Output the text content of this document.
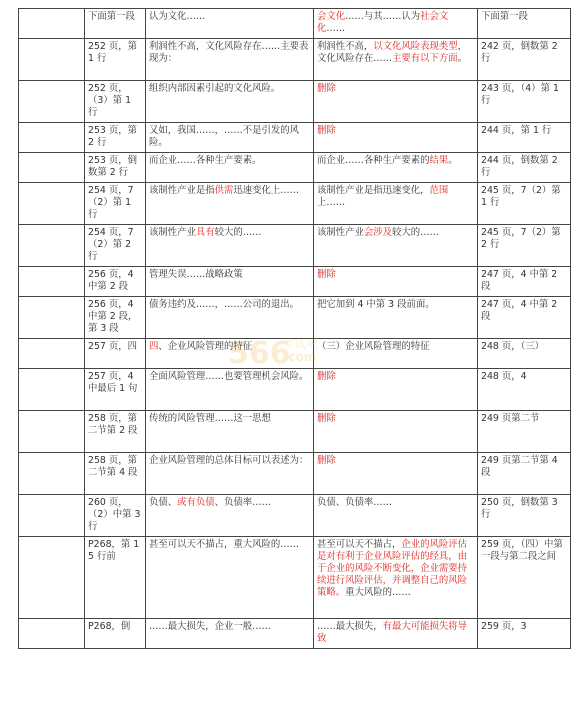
	下面第一段	认为文化……	会文化……与其……认为社会文化……	下面第一段
	252 页，第 1 行	利润性不高，文化风险存在……主要表现为：	利润性不高，以文化风险表现类型，文化风险存在……主要有以下方面。	242 页，倒数第 2 行
	252 页，（3）第 1 行	组织内部因素引起的文化风险。	删除	243 页，（4）第 1 行
	253 页，第 2 行	又如，我国……，……不是引发的风险。	删除	244 页，第 1 行
	253 页，倒数第 2 行	而企业……各种生产要素。	而企业……各种生产要素的结果。	244 页，倒数第 2 行
	254 页，7（2）第 1 行	该制性产业是指供需迅速变化上……	该制性产业是指迅速变化，范围上……	245 页，7（2）第 1 行
	254 页，7（2）第 2 行	该制性产业具有较大的……	该制性产业会涉及较大的……	245 页，7（2）第 2 行
	256 页，4 中第 2 段	管理失误……战略政策	删除	247 页，4 中第 2 段
	256 页，4 中第 2 段，第 3 段	债务违约及……，……公司的退出。	把它加到 4 中第 3 段前面。	247 页，4 中第 2 段
	257 页，四	四、企业风险管理的特征	（三）企业风险管理的特征	248 页，（三）
	257 页，4 中最后 1 句	全面风险管理……也要管理机会风险。	删除	248 页，4
	258 页，第二节第 2 段	传统的风险管理……这一思想	删除	249 页第二节
	258 页，第二节第 4 段	企业风险管理的总体目标可以表述为：	删除	249 页第二节第 4 段
	260 页，（2）中第 3 行	负债、或有负债、负债率……	负债、负债率……	250 页，倒数第 3 行
	P268，第 15 行前	甚至可以天不描占，重大风险的……	甚至可以天不描占，企业的风险评估是对有利于企业风险评估的经具，由于企业的风险不断变化，企业需要持续进行风险评估，并调整自己的风险策略。重大风险的……	259 页，（四）中第一段与第二段之间
	P268，倒	……最大损失，企业一般……	……最大损失，有最大可能损失将导致	259 页，3
566
考试吧
.com
